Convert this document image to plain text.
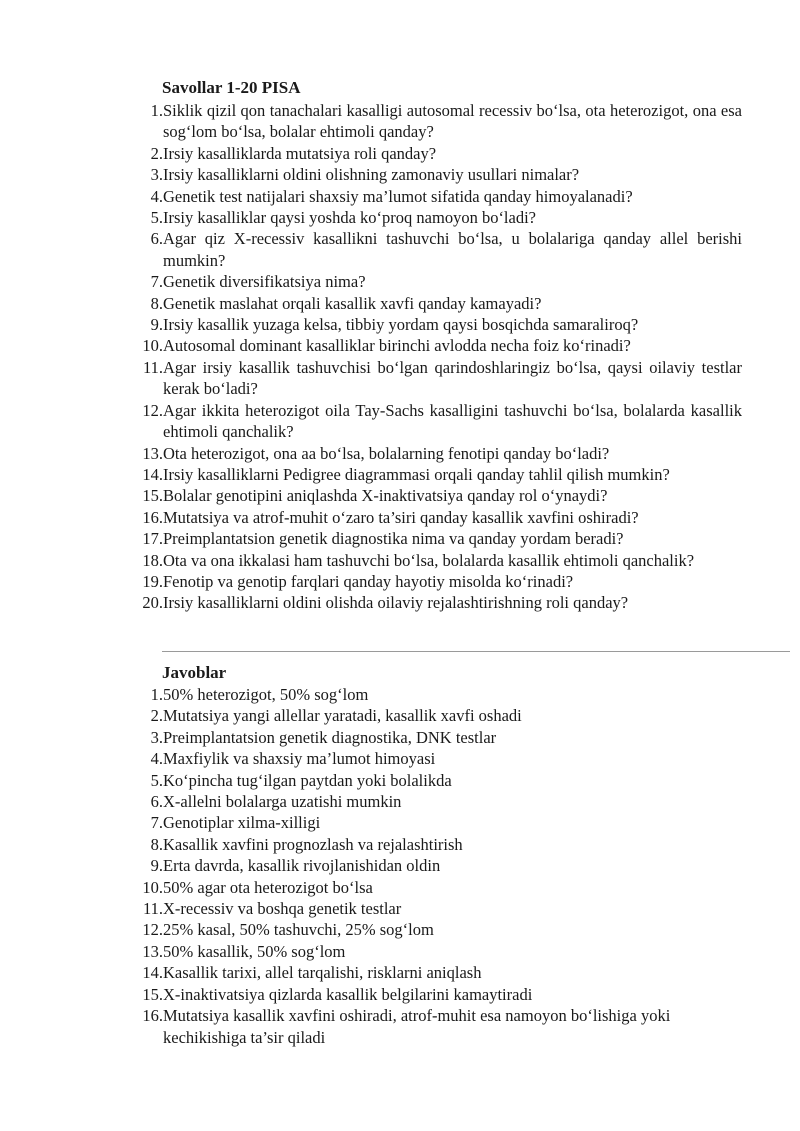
Savollar 1-20 PISA
1. Siklik qizil qon tanachalari kasalligi autosomal recessiv bo‘lsa, ota heterozigot, ona esa sog‘lom bo‘lsa, bolalar ehtimoli qanday?
2. Irsiy kasalliklarda mutatsiya roli qanday?
3. Irsiy kasalliklarni oldini olishning zamonaviy usullari nimalar?
4. Genetik test natijalari shaxsiy ma’lumot sifatida qanday himoyalanadi?
5. Irsiy kasalliklar qaysi yoshda ko‘proq namoyon bo‘ladi?
6. Agar qiz X-recessiv kasallikni tashuvchi bo‘lsa, u bolalariga qanday allel berishi mumkin?
7. Genetik diversifikatsiya nima?
8. Genetik maslahat orqali kasallik xavfi qanday kamayadi?
9. Irsiy kasallik yuzaga kelsa, tibbiy yordam qaysi bosqichda samaraliroq?
10. Autosomal dominant kasalliklar birinchi avlodda necha foiz ko‘rinadi?
11. Agar irsiy kasallik tashuvchisi bo‘lgan qarindoshlaringiz bo‘lsa, qaysi oilaviy testlar kerak bo‘ladi?
12. Agar ikkita heterozigot oila Tay-Sachs kasalligini tashuvchi bo‘lsa, bolalarda kasallik ehtimoli qanchalik?
13. Ota heterozigot, ona aa bo‘lsa, bolalarning fenotipi qanday bo‘ladi?
14. Irsiy kasalliklarni Pedigree diagrammasi orqali qanday tahlil qilish mumkin?
15. Bolalar genotipini aniqlashda X-inaktivatsiya qanday rol o‘ynaydi?
16. Mutatsiya va atrof-muhit o‘zaro ta’siri qanday kasallik xavfini oshiradi?
17. Preimplantatsion genetik diagnostika nima va qanday yordam beradi?
18. Ota va ona ikkalasi ham tashuvchi bo‘lsa, bolalarda kasallik ehtimoli qanchalik?
19. Fenotip va genotip farqlari qanday hayotiy misolda ko‘rinadi?
20. Irsiy kasalliklarni oldini olishda oilaviy rejalashtirishning roli qanday?
Javoblar
1. 50% heterozigot, 50% sog‘lom
2. Mutatsiya yangi allellar yaratadi, kasallik xavfi oshadi
3. Preimplantatsion genetik diagnostika, DNK testlar
4. Maxfiylik va shaxsiy ma’lumot himoyasi
5. Ko‘pincha tug‘ilgan paytdan yoki bolalikda
6. X-allelni bolalarga uzatishi mumkin
7. Genotiplar xilma-xilligi
8. Kasallik xavfini prognozlash va rejalashtirish
9. Erta davrda, kasallik rivojlanishidan oldin
10. 50% agar ota heterozigot bo‘lsa
11. X-recessiv va boshqa genetik testlar
12. 25% kasal, 50% tashuvchi, 25% sog‘lom
13. 50% kasallik, 50% sog‘lom
14. Kasallik tarixi, allel tarqalishi, risklarni aniqlash
15. X-inaktivatsiya qizlarda kasallik belgilarini kamaytiradi
16. Mutatsiya kasallik xavfini oshiradi, atrof-muhit esa namoyon bo‘lishiga yoki kechikishiga ta’sir qiladi
